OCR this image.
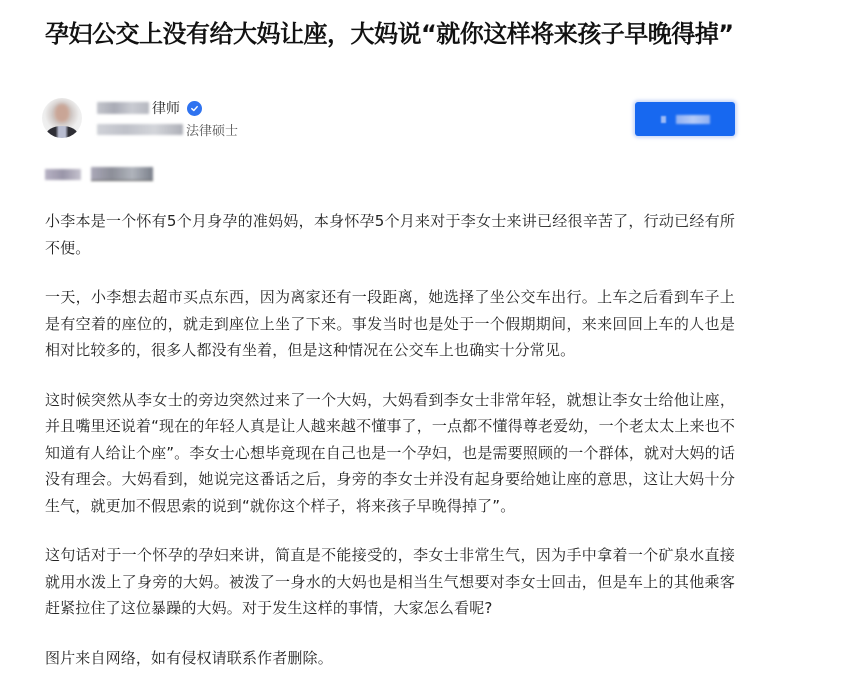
孕妇公交上没有给大妈让座，大妈说“就你这样将来孩子早晚得掉”
律师
法律硕士

小李本是一个怀有5个月身孕的准妈妈，本身怀孕5个月来对于李女士来讲已经很辛苦了，行动已经有所不便。

一天，小李想去超市买点东西，因为离家还有一段距离，她选择了坐公交车出行。上车之后看到车子上是有空着的座位的，就走到座位上坐了下来。事发当时也是处于一个假期期间，来来回回上车的人也是相对比较多的，很多人都没有坐着，但是这种情况在公交车上也确实十分常见。

这时候突然从李女士的旁边突然过来了一个大妈，大妈看到李女士非常年轻，就想让李女士给他让座，并且嘴里还说着“现在的年轻人真是让人越来越不懂事了，一点都不懂得尊老爱幼，一个老太太上来也不知道有人给让个座”。李女士心想毕竟现在自己也是一个孕妇，也是需要照顾的一个群体，就对大妈的话没有理会。大妈看到，她说完这番话之后，身旁的李女士并没有起身要给她让座的意思，这让大妈十分生气，就更加不假思索的说到“就你这个样子，将来孩子早晚得掉了”。

这句话对于一个怀孕的孕妇来讲，简直是不能接受的，李女士非常生气，因为手中拿着一个矿泉水直接就用水泼上了身旁的大妈。被泼了一身水的大妈也是相当生气想要对李女士回击，但是车上的其他乘客赶紧拉住了这位暴躁的大妈。对于发生这样的事情，大家怎么看呢?

图片来自网络，如有侵权请联系作者删除。
